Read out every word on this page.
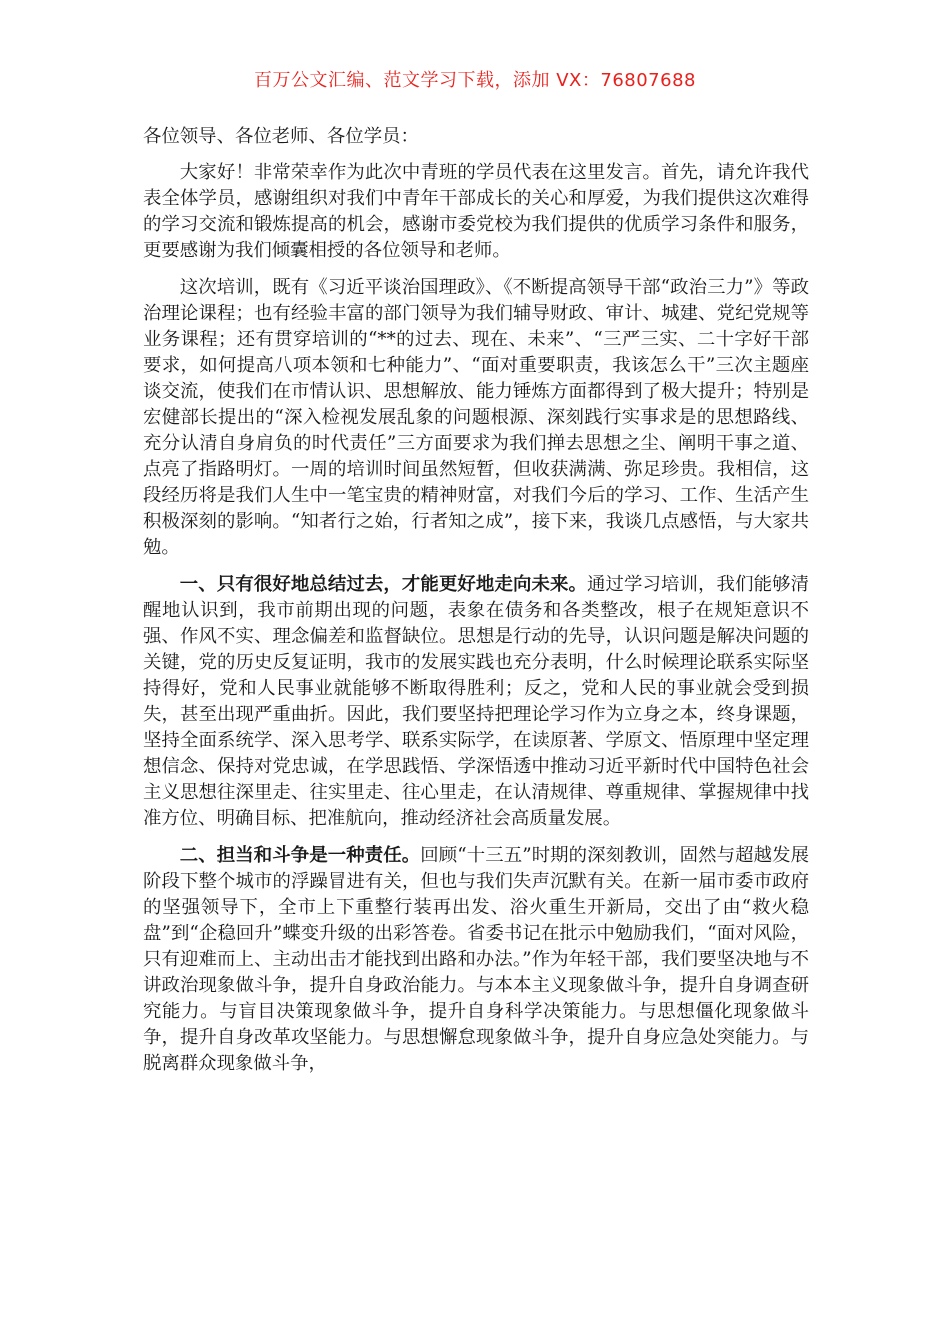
百万公文汇编、范文学习下载，添加 VX：76807688

各位领导、各位老师、各位学员：

大家好！非常荣幸作为此次中青班的学员代表在这里发言。首先，请允许我代表全体学员，感谢组织对我们中青年干部成长的关心和厚爱，为我们提供这次难得的学习交流和锻炼提高的机会，感谢市委党校为我们提供的优质学习条件和服务，更要感谢为我们倾囊相授的各位领导和老师。

这次培训，既有《习近平谈治国理政》、《不断提高领导干部“政治三力”》等政治理论课程；也有经验丰富的部门领导为我们辅导财政、审计、城建、党纪党规等业务课程；还有贯穿培训的“**的过去、现在、未来”、“三严三实、二十字好干部要求，如何提高八项本领和七种能力”、“面对重要职责，我该怎么干”三次主题座谈交流，使我们在市情认识、思想解放、能力锤炼方面都得到了极大提升；特别是宏健部长提出的“深入检视发展乱象的问题根源、深刻践行实事求是的思想路线、充分认清自身肩负的时代责任”三方面要求为我们掸去思想之尘、阐明干事之道、点亮了指路明灯。一周的培训时间虽然短暂，但收获满满、弥足珍贵。我相信，这段经历将是我们人生中一笔宝贵的精神财富，对我们今后的学习、工作、生活产生积极深刻的影响。“知者行之始，行者知之成”，接下来，我谈几点感悟，与大家共勉。

一、只有很好地总结过去，才能更好地走向未来。通过学习培训，我们能够清醒地认识到，我市前期出现的问题，表象在债务和各类整改，根子在规矩意识不强、作风不实、理念偏差和监督缺位。思想是行动的先导，认识问题是解决问题的关键，党的历史反复证明，我市的发展实践也充分表明，什么时候理论联系实际坚持得好，党和人民事业就能够不断取得胜利；反之，党和人民的事业就会受到损失，甚至出现严重曲折。因此，我们要坚持把理论学习作为立身之本，终身课题，坚持全面系统学、深入思考学、联系实际学，在读原著、学原文、悟原理中坚定理想信念、保持对党忠诚，在学思践悟、学深悟透中推动习近平新时代中国特色社会主义思想往深里走、往实里走、往心里走，在认清规律、尊重规律、掌握规律中找准方位、明确目标、把准航向，推动经济社会高质量发展。

二、担当和斗争是一种责任。回顾“十三五”时期的深刻教训，固然与超越发展阶段下整个城市的浮躁冒进有关，但也与我们失声沉默有关。在新一届市委市政府的坚强领导下，全市上下重整行装再出发、浴火重生开新局，交出了由“救火稳盘”到“企稳回升”蝶变升级的出彩答卷。省委书记在批示中勉励我们，“面对风险，只有迎难而上、主动出击才能找到出路和办法。”作为年轻干部，我们要坚决地与不讲政治现象做斗争，提升自身政治能力。与本本主义现象做斗争，提升自身调查研究能力。与盲目决策现象做斗争，提升自身科学决策能力。与思想僵化现象做斗争，提升自身改革攻坚能力。与思想懈怠现象做斗争，提升自身应急处突能力。与脱离群众现象做斗争，
